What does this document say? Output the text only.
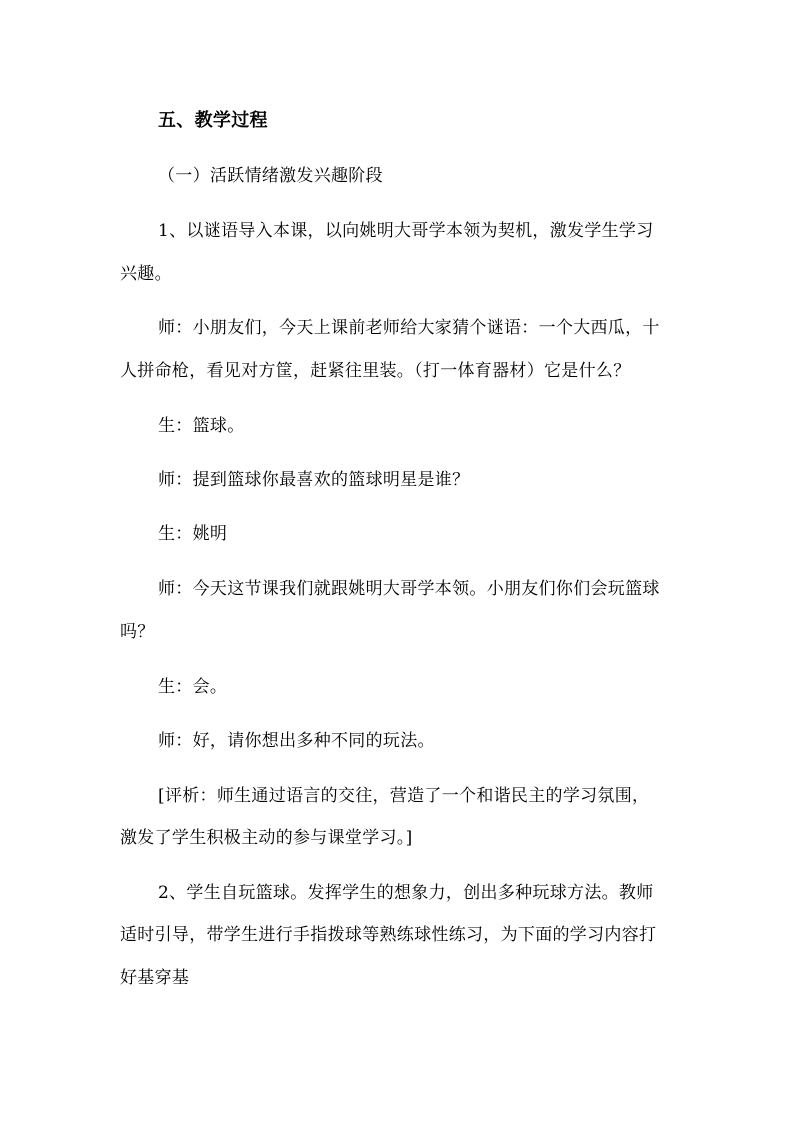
五、教学过程
（一）活跃情绪激发兴趣阶段
1、以谜语导入本课，以向姚明大哥学本领为契机，激发学生学习
兴趣。
师：小朋友们，今天上课前老师给大家猜个谜语：一个大西瓜，十
人拼命枪，看见对方筐，赶紧往里装。（打一体育器材）它是什么？
生：篮球。
师：提到篮球你最喜欢的篮球明星是谁？
生：姚明
师：今天这节课我们就跟姚明大哥学本领。小朋友们你们会玩篮球
吗？
生：会。
师：好，请你想出多种不同的玩法。
[评析：师生通过语言的交往，营造了一个和谐民主的学习氛围，
激发了学生积极主动的参与课堂学习。]
2、学生自玩篮球。发挥学生的想象力，创出多种玩球方法。教师
适时引导，带学生进行手指拨球等熟练球性练习，为下面的学习内容打
好基穿基
